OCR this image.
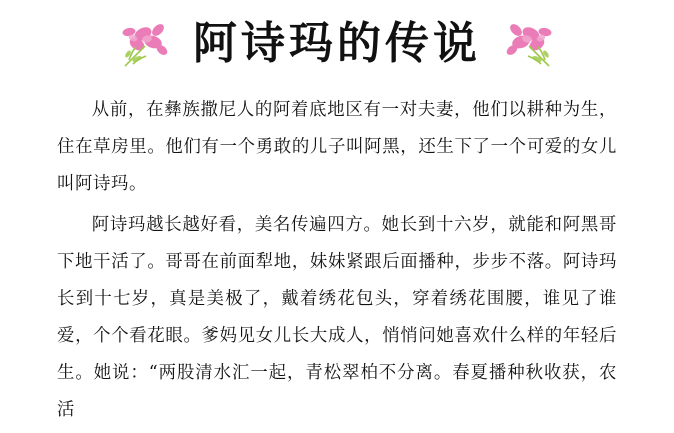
阿诗玛的传说

从前，在彝族撒尼人的阿着底地区有一对夫妻，他们以耕种为生，住在草房里。他们有一个勇敢的儿子叫阿黑，还生下了一个可爱的女儿叫阿诗玛。

阿诗玛越长越好看，美名传遍四方。她长到十六岁，就能和阿黑哥下地干活了。哥哥在前面犁地，妹妹紧跟后面播种，步步不落。阿诗玛长到十七岁，真是美极了，戴着绣花包头，穿着绣花围腰，谁见了谁爱，个个看花眼。爹妈见女儿长大成人，悄悄问她喜欢什么样的年轻后生。她说：“两股清水汇一起，青松翠柏不分离。春夏播种秋收获，农活
